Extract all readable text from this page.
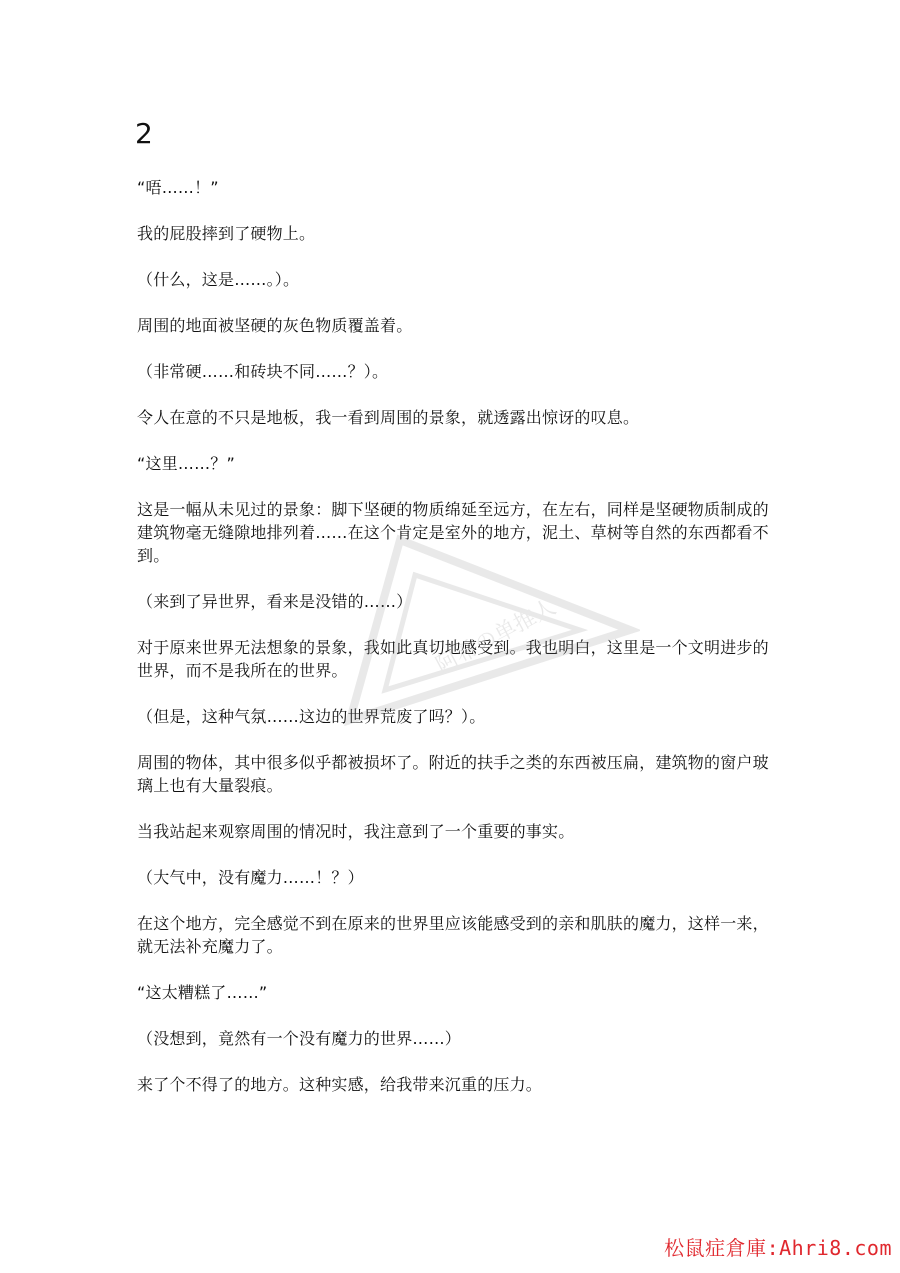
2

“唔……！”

我的屁股摔到了硬物上。

（什么，这是……。）。

周围的地面被坚硬的灰色物质覆盖着。

（非常硬……和砖块不同……？）。

令人在意的不只是地板，我一看到周围的景象，就透露出惊讶的叹息。

“这里……？”

这是一幅从未见过的景象：脚下坚硬的物质绵延至远方，在左右，同样是坚硬物质制成的建筑物毫无缝隙地排列着……在这个肯定是室外的地方，泥土、草树等自然的东西都看不到。

（来到了异世界，看来是没错的……）

对于原来世界无法想象的景象，我如此真切地感受到。我也明白，这里是一个文明进步的世界，而不是我所在的世界。

（但是，这种气氛……这边的世界荒废了吗？）。

周围的物体，其中很多似乎都被损坏了。附近的扶手之类的东西被压扁，建筑物的窗户玻璃上也有大量裂痕。

当我站起来观察周围的情况时，我注意到了一个重要的事实。

（大气中，没有魔力……！？）

在这个地方，完全感觉不到在原来的世界里应该能感受到的亲和肌肤的魔力，这样一来，就无法补充魔力了。

“这太糟糕了……”

（没想到，竟然有一个没有魔力的世界……）

来了个不得了的地方。这种实感，给我带来沉重的压力。

阿希の单推人
松鼠症倉庫:Ahri8.com
